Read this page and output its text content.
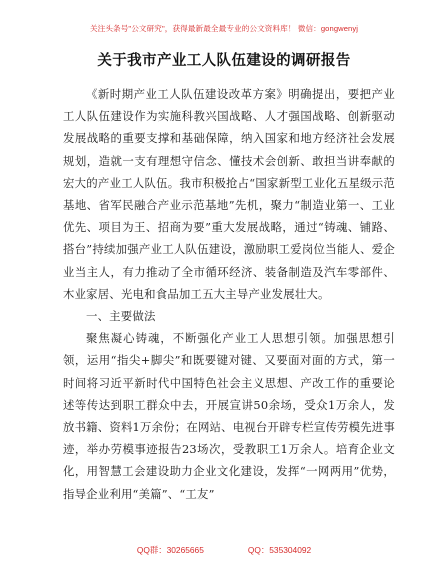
关注头条号"公文研究"，获得最新最全最专业的公文资料库！ 微信：gongwenyj
关于我市产业工人队伍建设的调研报告

《新时期产业工人队伍建设改革方案》明确提出，要把产业工人队伍建设作为实施科教兴国战略、人才强国战略、创新驱动发展战略的重要支撑和基础保障，纳入国家和地方经济社会发展规划，造就一支有理想守信念、懂技术会创新、敢担当讲奉献的宏大的产业工人队伍。我市积极抢占“国家新型工业化五星级示范基地、省军民融合产业示范基地”先机，聚力“制造业第一、工业优先、项目为王、招商为要”重大发展战略，通过“铸魂、铺路、搭台”持续加强产业工人队伍建设，激励职工爱岗位当能人、爱企业当主人，有力推动了全市循环经济、装备制造及汽车零部件、木业家居、光电和食品加工五大主导产业发展壮大。

一、主要做法

聚焦凝心铸魂，不断强化产业工人思想引领。加强思想引领，运用“指尖+脚尖”和既要键对键、又要面对面的方式，第一时间将习近平新时代中国特色社会主义思想、产改工作的重要论述等传达到职工群众中去，开展宣讲50余场，受众1万余人，发放书籍、资料1万余份；在网站、电视台开辟专栏宣传劳模先进事迹，举办劳模事迹报告23场次，受教职工1万余人。培育企业文化，用智慧工会建设助力企业文化建设，发挥“一网两用”优势，指导企业利用“美篇”、“工友”

QQ群：30265665	QQ：535304092
